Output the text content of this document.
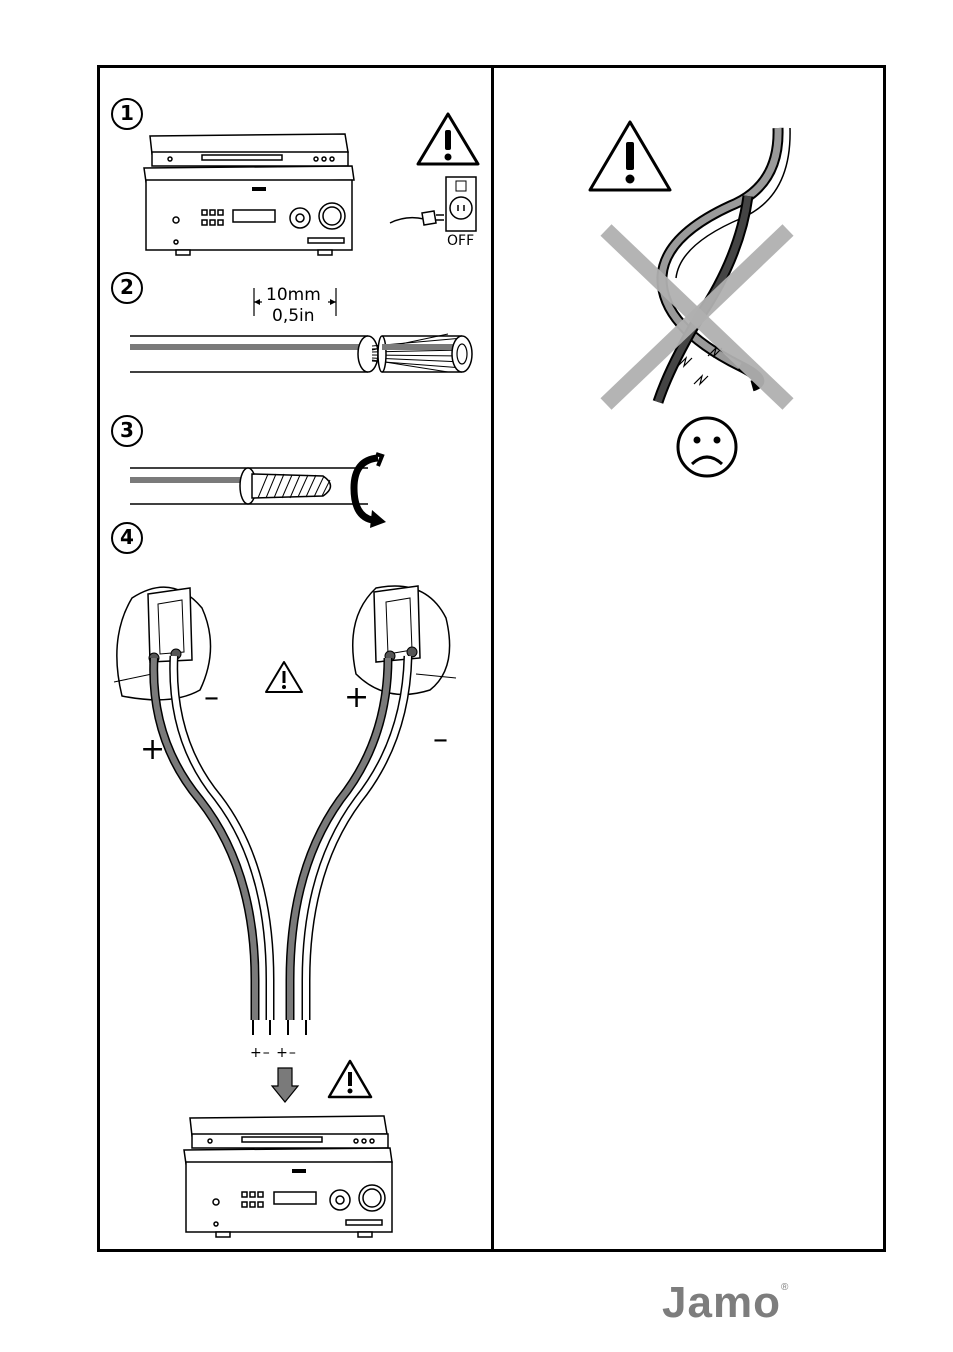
1
OFF
2	10mm
0,5in
3
4
–
+
+
–
+– +–
Jamo®
